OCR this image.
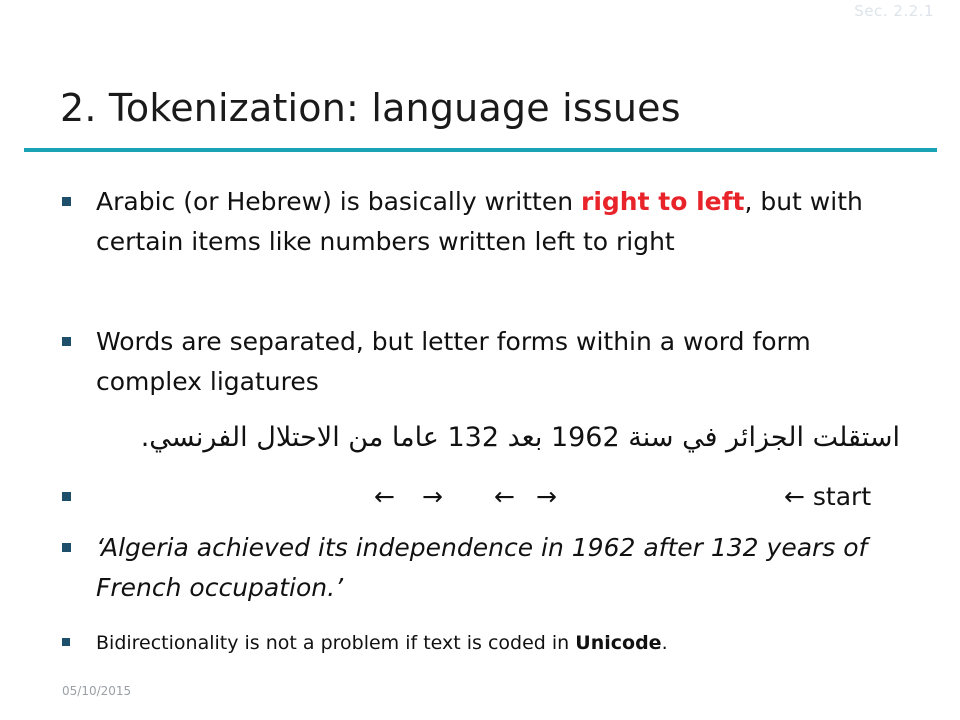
Sec. 2.2.1
2. Tokenization: language issues
Arabic (or Hebrew) is basically written right to left, but with certain items like numbers written left to right
Words are separated, but letter forms within a word form complex ligatures
استقلت الجزائر في سنة 1962 بعد 132 عاما من الاحتلال الفرنسي.
← → ← →	← start
‘Algeria achieved its independence in 1962 after 132 years of French occupation.’
Bidirectionality is not a problem if text is coded in Unicode.
05/10/2015
